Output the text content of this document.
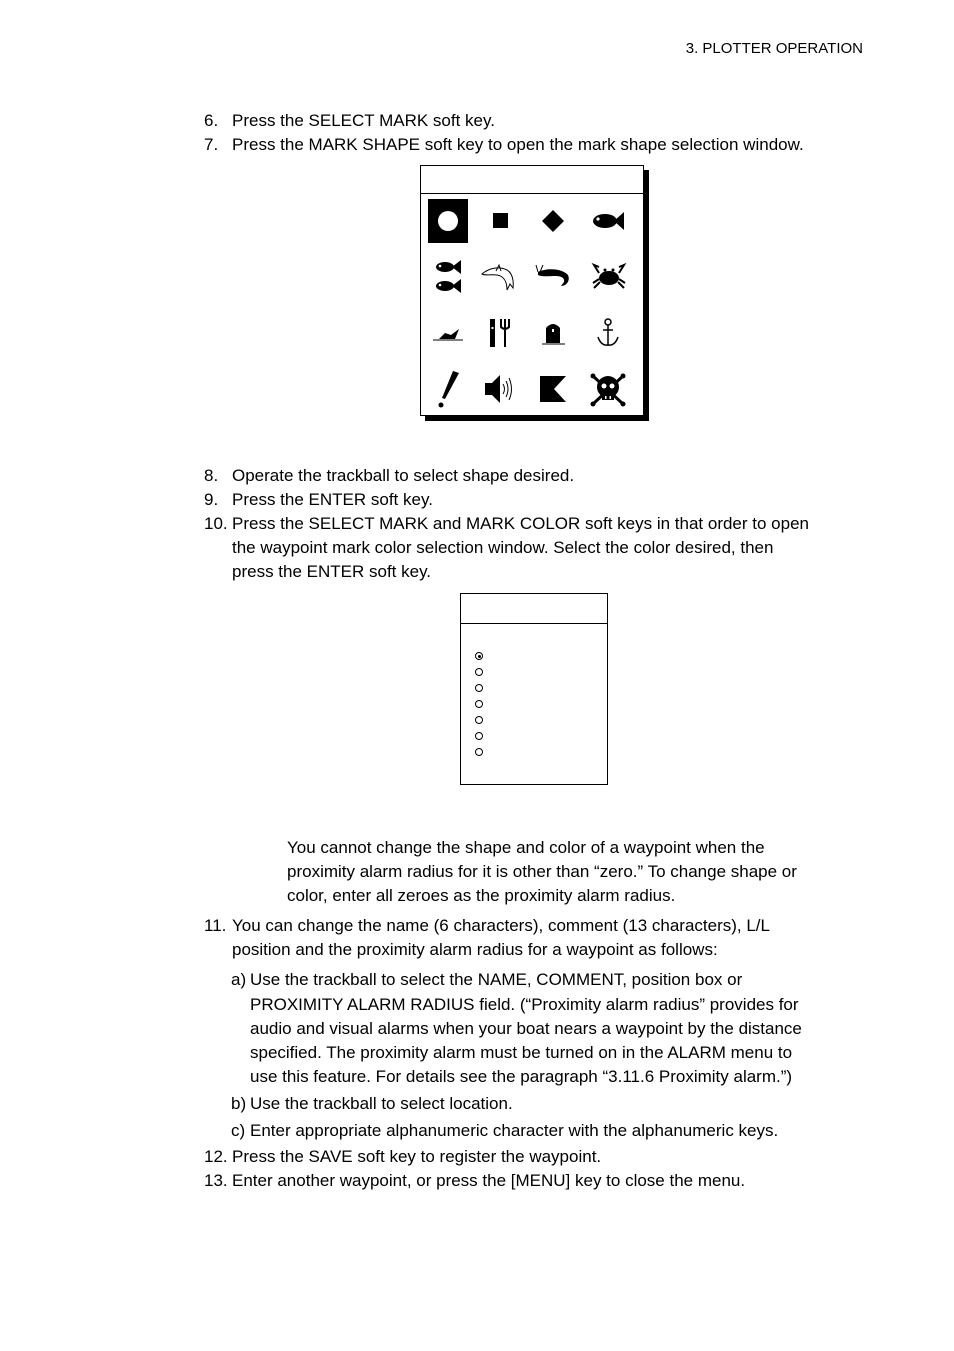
3. PLOTTER OPERATION
6. Press the SELECT MARK soft key.
7. Press the MARK SHAPE soft key to open the mark shape selection window.
8. Operate the trackball to select shape desired.
9. Press the ENTER soft key.
10. Press the SELECT MARK and MARK COLOR soft keys in that order to open
the waypoint mark color selection window. Select the color desired, then
press the ENTER soft key.
You cannot change the shape and color of a waypoint when the
proximity alarm radius for it is other than “zero.” To change shape or
color, enter all zeroes as the proximity alarm radius.
11. You can change the name (6 characters), comment (13 characters), L/L
position and the proximity alarm radius for a waypoint as follows:
a) Use the trackball to select the NAME, COMMENT, position box or
PROXIMITY ALARM RADIUS field. (“Proximity alarm radius” provides for
audio and visual alarms when your boat nears a waypoint by the distance
specified. The proximity alarm must be turned on in the ALARM menu to
use this feature. For details see the paragraph “3.11.6 Proximity alarm.”)
b) Use the trackball to select location.
c) Enter appropriate alphanumeric character with the alphanumeric keys.
12. Press the SAVE soft key to register the waypoint.
13. Enter another waypoint, or press the [MENU] key to close the menu.
